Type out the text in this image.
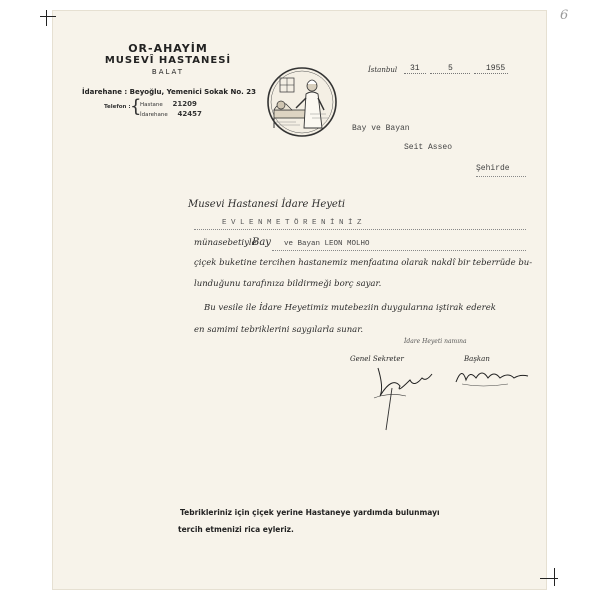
6
OR-AHAYİM
MUSEVÎ HASTANESİ
BALAT
İdarehane : Beyoğlu, Yemenici Sokak No. 23
Telefon : {
Hastane 21209
İdarehane 42457
İstanbul 31	5	1955
Bay ve Bayan
Seit Asseo
Şehirde
Musevi Hastanesi İdare Heyeti
E V L E N M E T Ö R E N İ N İ Z
münasebetiyle
Bay ve Bayan LEON MOLHO
çiçek buketine tercihen hastanemiz menfaatına olarak nakdî bir teberrüde bu-
lunduğunu tarafınıza bildirmeği borç sayar.
Bu vesile ile İdare Heyetimiz mutebeziin duygularına iştirak ederek
en samimi tebriklerini saygılarla sunar.
İdare Heyeti namına
Genel Sekreter	Başkan
Tebrikleriniz için çiçek yerine Hastaneye yardımda bulunmayı
tercih etmenizi rica eyleriz.
